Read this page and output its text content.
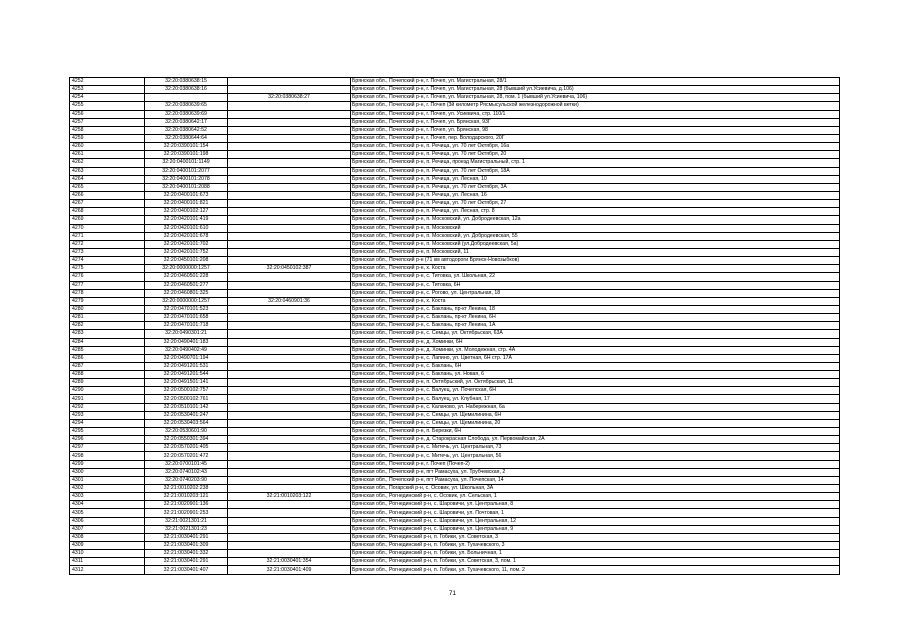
4252	32:20:0380638:15		Брянская обл., Почепский р-н, г. Почеп, ул. Магистральная, 28/1
4253	32:20:0380638:16		Брянская обл., Почепский р-н, г. Почеп, ул. Магистральная, 28 (бывший ул.Усиевича, д.106)
4254		32:20:0380638:27	Брянская обл., Почепский р-н, г. Почеп, ул. Магистральная, 28, пом. 1 (бывший ул.Усиевича, 106)
4255	32:20:0380639:65		Брянская обл., Почепский р-н, г. Почеп (3й километр Рясмысульской железнодорожной ветки)
4256	32:20:0380639:69		Брянская обл., Почепский р-н, г. Почеп, ул. Усиевича, стр. 110/1
4257	32:20:0380642:17		Брянская обл., Почепский р-н, г. Почеп, ул. Брянская, 93Г
4258	32:20:0380642:52		Брянская обл., Почепский р-н, г. Почеп, ул. Брянская, 98
4259	32:20:0380644:64		Брянская обл., Почепский р-н, г. Почеп, пер. Володарского, 20Г
4260	32:20:0390101:154		Брянская обл., Почепский р-н, п. Речица, ул. 70 лет Октября, 16а
4261	32:20:0390101:198		Брянская обл., Почепский р-н, п. Речица, ул. 70 лет Октября, 20
4262	32:20:0400101:1149		Брянская обл., Почепский р-н, п. Речица, проезд Магистральный, стр. 1
4263	32:20:0400101:2077		Брянская обл., Почепский р-н, п. Речица, ул. 70 лет Октября, 18А
4264	32:20:0400101:2078		Брянская обл., Почепский р-н, п. Речица, ул. Лесная, 10
4265	32:20:0400101:2088		Брянская обл., Почепский р-н, п. Речица, ул. 70 лет Октября, 3А
4266	32:20:0400101:673		Брянская обл., Почепский р-н, п. Речица, ул. Лесная, 16
4267	32:20:0400101:821		Брянская обл., Почепский р-н, п. Речица, ул. 70 лет Октября, 27
4268	32:20:0400102:127		Брянская обл., Почепский р-н, п. Речица, ул. Лесная, стр. 8
4269	32:20:0420101:419		Брянская обл., Почепский р-н, п. Московский, ул. Добродеевская, 12а
4270	32:20:0420101:610		Брянская обл., Почепский р-н, п. Московский
4271	32:20:0420101:678		Брянская обл., Почепский р-н, п. Московский, ул. Добродеевская, 55
4272	32:20:0420101:702		Брянская обл., Почепский р-н, п. Московский (ул.Добродеевская, 5а)
4273	32:20:0420101:752		Брянская обл., Почепский р-н, п. Московский, 11
4274	32:20:0450101:208		Брянская обл., Почепский р-н (71 км автодороги Брянск-Новозыбков)
4275	32:20:0000000:1257	32:20:0450102:387	Брянская обл., Почепский р-н, х. Коста
4276	32:20:0460501:228		Брянская обл., Почепский р-н, с. Титовка, ул. Школьная, 22
4277	32:20:0460501:277		Брянская обл., Почепский р-н, с. Титовка, 6Н
4278	32:20:0460801:325		Брянская обл., Почепский р-н, с. Рогово, ул. Центральная, 18
4279	32:20:0000000:1257	32:20:0460901:36	Брянская обл., Почепский р-н, х. Коста
4280	32:20:0470101:523		Брянская обл., Почепский р-н, с. Баклань, пр-кт Ленина, 18
4281	32:20:0470101:658		Брянская обл., Почепский р-н, с. Баклань, пр-кт Ленина, 6Н
4282	32:20:0470101:718		Брянская обл., Почепский р-н, с. Баклань, пр-кт Ленина, 1А
4283	32:20:0490301:21		Брянская обл., Почепский р-н, с. Семцы, ул. Октябрьская, 63А
4284	32:20:0490401:183		Брянская обл., Почепский р-н, д. Хоминки, 6Н
4285	32:20:0490402:49		Брянская обл., Почепский р-н, д. Хоминки, ул. Молодежная, стр. 4А
4286	32:20:0490701:194		Брянская обл., Почепский р-н, с. Лапино, ул. Цветная, 6Н стр. 17А
4287	32:20:0491201:531		Брянская обл., Почепский р-н, с. Баклань, 6Н
4288	32:20:0491201:544		Брянская обл., Почепский р-н, с. Баклань, ул. Новая, 6
4289	32:20:0491501:141		Брянская обл., Почепский р-н, п. Октябрьский, ул. Октябрьская, 11
4290	32:20:0500102:757		Брянская обл., Почепский р-н, с. Валуец, ул. Почепская, 6Н
4291	32:20:0500102:761		Брянская обл., Почепский р-н, с. Валуец, ул. Клубная, 17
4292	32:20:0510101:142		Брянская обл., Почепский р-н, с. Калачово, ул. Набережная, 6а
4293	32:20:0530401:247		Брянская обл., Почепский р-н, с. Семцы, ул. Щемилинина, 6Н
4294	32:20:0530403:564		Брянская обл., Почепский р-н, с. Семцы, ул. Щемилинина, 20
4295	32:20:0530601:90		Брянская обл., Почепский р-н, п. Березки, 6Н
4296	32:20:0550301:394		Брянская обл., Почепский р-н, д. Старокрасная Слобода, ул. Первомайская, 2А
4297	32:20:0570201:405		Брянская обл., Почепский р-н, с. Митечь, ул. Центральная, 73
4298	32:20:0570201:472		Брянская обл., Почепский р-н, с. Митечь, ул. Центральная, 56
4299	32:20:0700101:45		Брянская обл., Почепский р-н, г. Почеп (Почеп-2)
4300	32:20:0740102:43		Брянская обл., Почепский р-н, пгт Рамасуха, ул. Трубчевская, 2
4301	32:20:0740203:90		Брянская обл., Почепский р-н, пгт Рамасуха, ул. Почепская, 14
4302	32:21:0010202:238		Брянская обл., Погарский р-н, с. Осовик, ул. Школьная, 3А
4303	32:21:0010203:121	32:21:0010203:122	Брянская обл., Рогнединский р-н, с. Осовик, ул. Сельская, 1
4304	32:21:0020901:136		Брянская обл., Рогнединский р-н, с. Шаровичи, ул. Центральная, 8
4305	32:21:0020901:253		Брянская обл., Рогнединский р-н, с. Шаровичи, ул. Почтовая, 1
4306	32:21:0021301:21		Брянская обл., Рогнединский р-н, с. Шаровичи, ул. Центральная, 12
4307	32:21:0021301:23		Брянская обл., Рогнединский р-н, с. Шаровичи, ул. Центральная, 9
4308	32:21:0030401:291		Брянская обл., Рогнединский р-н, п. Гобики, ул. Советская, 3
4309	32:21:0030401:309		Брянская обл., Рогнединский р-н, п. Гобики, ул. Тухачевского, 3
4310	32:21:0030401:332		Брянская обл., Рогнединский р-н, п. Гобики, ул. Больничная, 1
4311	32:21:0030401:291	32:21:0030401:354	Брянская обл., Рогнединский р-н, п. Гобики, ул. Советская, 3, пом. 1
4312	32:21:0030401:407	32:21:0030401:409	Брянская обл., Рогнединский р-н, п. Гобики, ул. Тухачевского, 11, пом. 2
71
